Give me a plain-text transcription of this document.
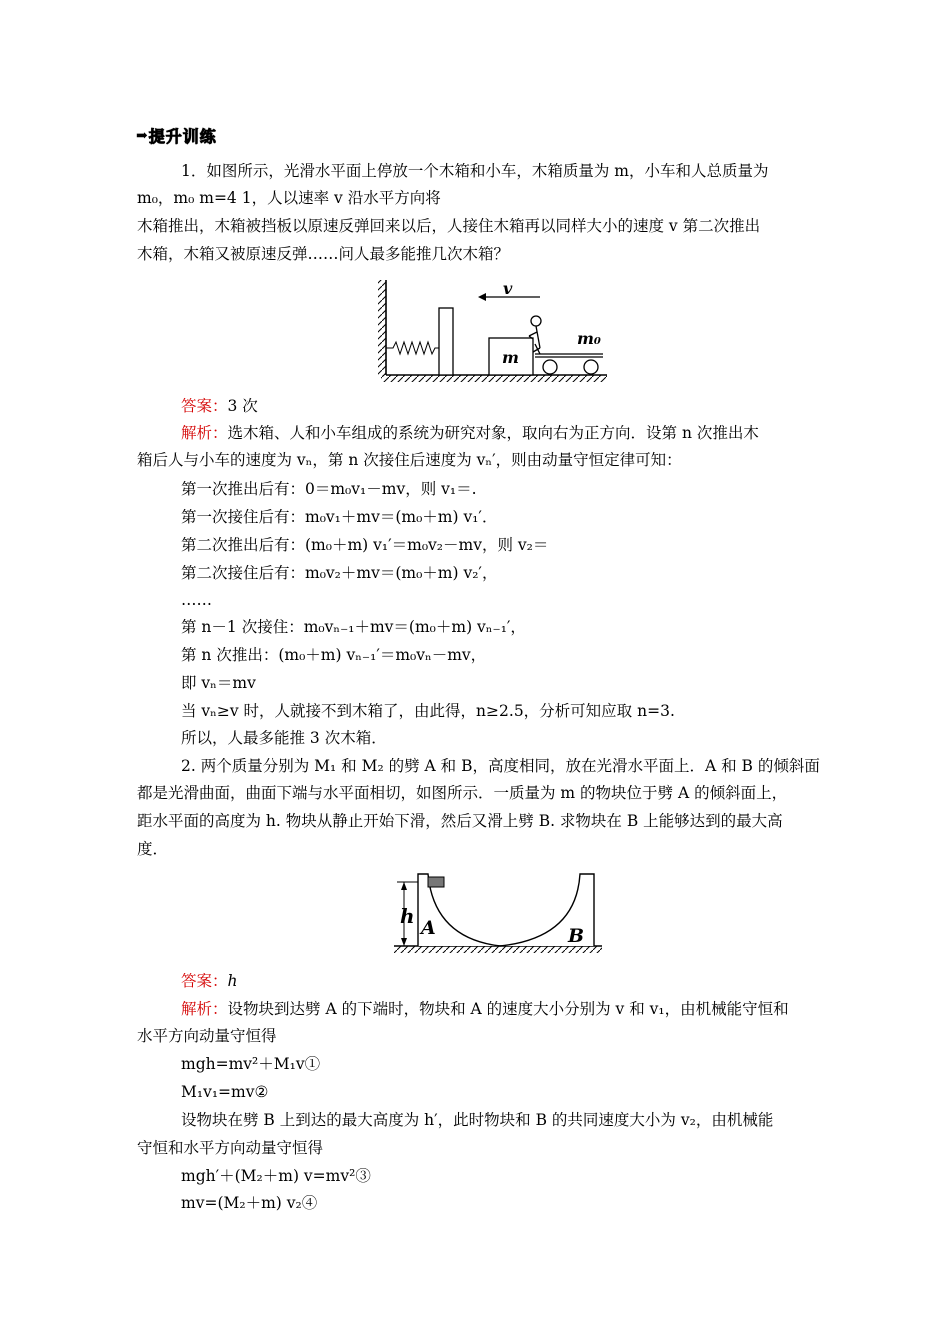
➡ 提升训练
1．如图所示，光滑水平面上停放一个木箱和小车，木箱质量为 m，小车和人总质量为
m₀，m₀ m=4 1，人以速率 v 沿水平方向将
木箱推出，木箱被挡板以原速反弹回来以后，人接住木箱再以同样大小的速度 v 第二次推出
木箱，木箱又被原速反弹……问人最多能推几次木箱？
v
m
m₀
答案：3 次
解析：选木箱、人和小车组成的系统为研究对象，取向右为正方向．设第 n 次推出木
箱后人与小车的速度为 vₙ，第 n 次接住后速度为 vₙ′，则由动量守恒定律可知：
第一次推出后有：0＝m₀v₁－mv，则 v₁＝.
第一次接住后有：m₀v₁＋mv＝(m₀＋m) v₁′．
第二次推出后有：(m₀＋m) v₁′＝m₀v₂－mv，则 v₂＝
第二次接住后有：m₀v₂＋mv＝(m₀＋m) v₂′，
……
第 n－1 次接住：m₀vₙ₋₁＋mv＝(m₀＋m) vₙ₋₁′，
第 n 次推出：(m₀＋m) vₙ₋₁′＝m₀vₙ－mv，
即 vₙ＝mv
当 vₙ≥v 时，人就接不到木箱了，由此得，n≥2.5，分析可知应取 n=3.
所以，人最多能推 3 次木箱．
2. 两个质量分别为 M₁ 和 M₂ 的劈 A 和 B，高度相同，放在光滑水平面上．A 和 B 的倾斜面
都是光滑曲面，曲面下端与水平面相切，如图所示．一质量为 m 的物块位于劈 A 的倾斜面上，
距水平面的高度为 h. 物块从静止开始下滑，然后又滑上劈 B. 求物块在 B 上能够达到的最大高
度．
h A	B
答案：h
解析：设物块到达劈 A 的下端时，物块和 A 的速度大小分别为 v 和 v₁，由机械能守恒和
水平方向动量守恒得
mgh=mv²＋M₁v①
M₁v₁=mv②
设物块在劈 B 上到达的最大高度为 h′，此时物块和 B 的共同速度大小为 v₂，由机械能
守恒和水平方向动量守恒得
mgh′＋(M₂＋m) v=mv²③
mv=(M₂＋m) v₂④
